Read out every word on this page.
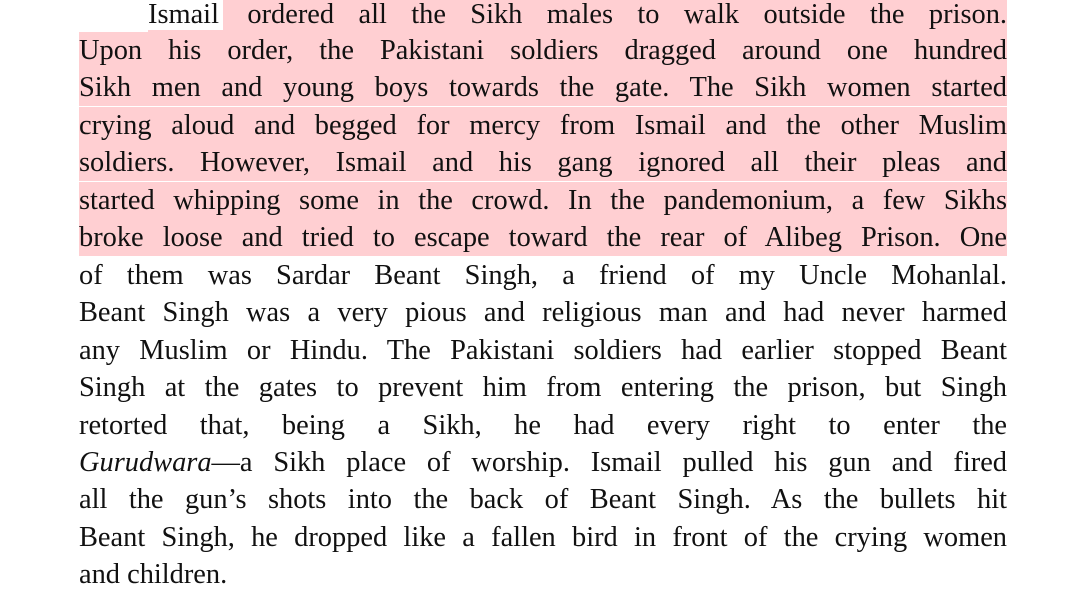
Ismail ordered all the Sikh males to walk outside the prison.
Upon his order, the Pakistani soldiers dragged around one hundred
Sikh men and young boys towards the gate. The Sikh women started
crying aloud and begged for mercy from Ismail and the other Muslim
soldiers. However, Ismail and his gang ignored all their pleas and
started whipping some in the crowd. In the pandemonium, a few Sikhs
broke loose and tried to escape toward the rear of Alibeg Prison. One
of them was Sardar Beant Singh, a friend of my Uncle Mohanlal.
Beant Singh was a very pious and religious man and had never harmed
any Muslim or Hindu. The Pakistani soldiers had earlier stopped Beant
Singh at the gates to prevent him from entering the prison, but Singh
retorted that, being a Sikh, he had every right to enter the
Gurudwara—a Sikh place of worship. Ismail pulled his gun and fired
all the gun’s shots into the back of Beant Singh. As the bullets hit
Beant Singh, he dropped like a fallen bird in front of the crying women
and children.
